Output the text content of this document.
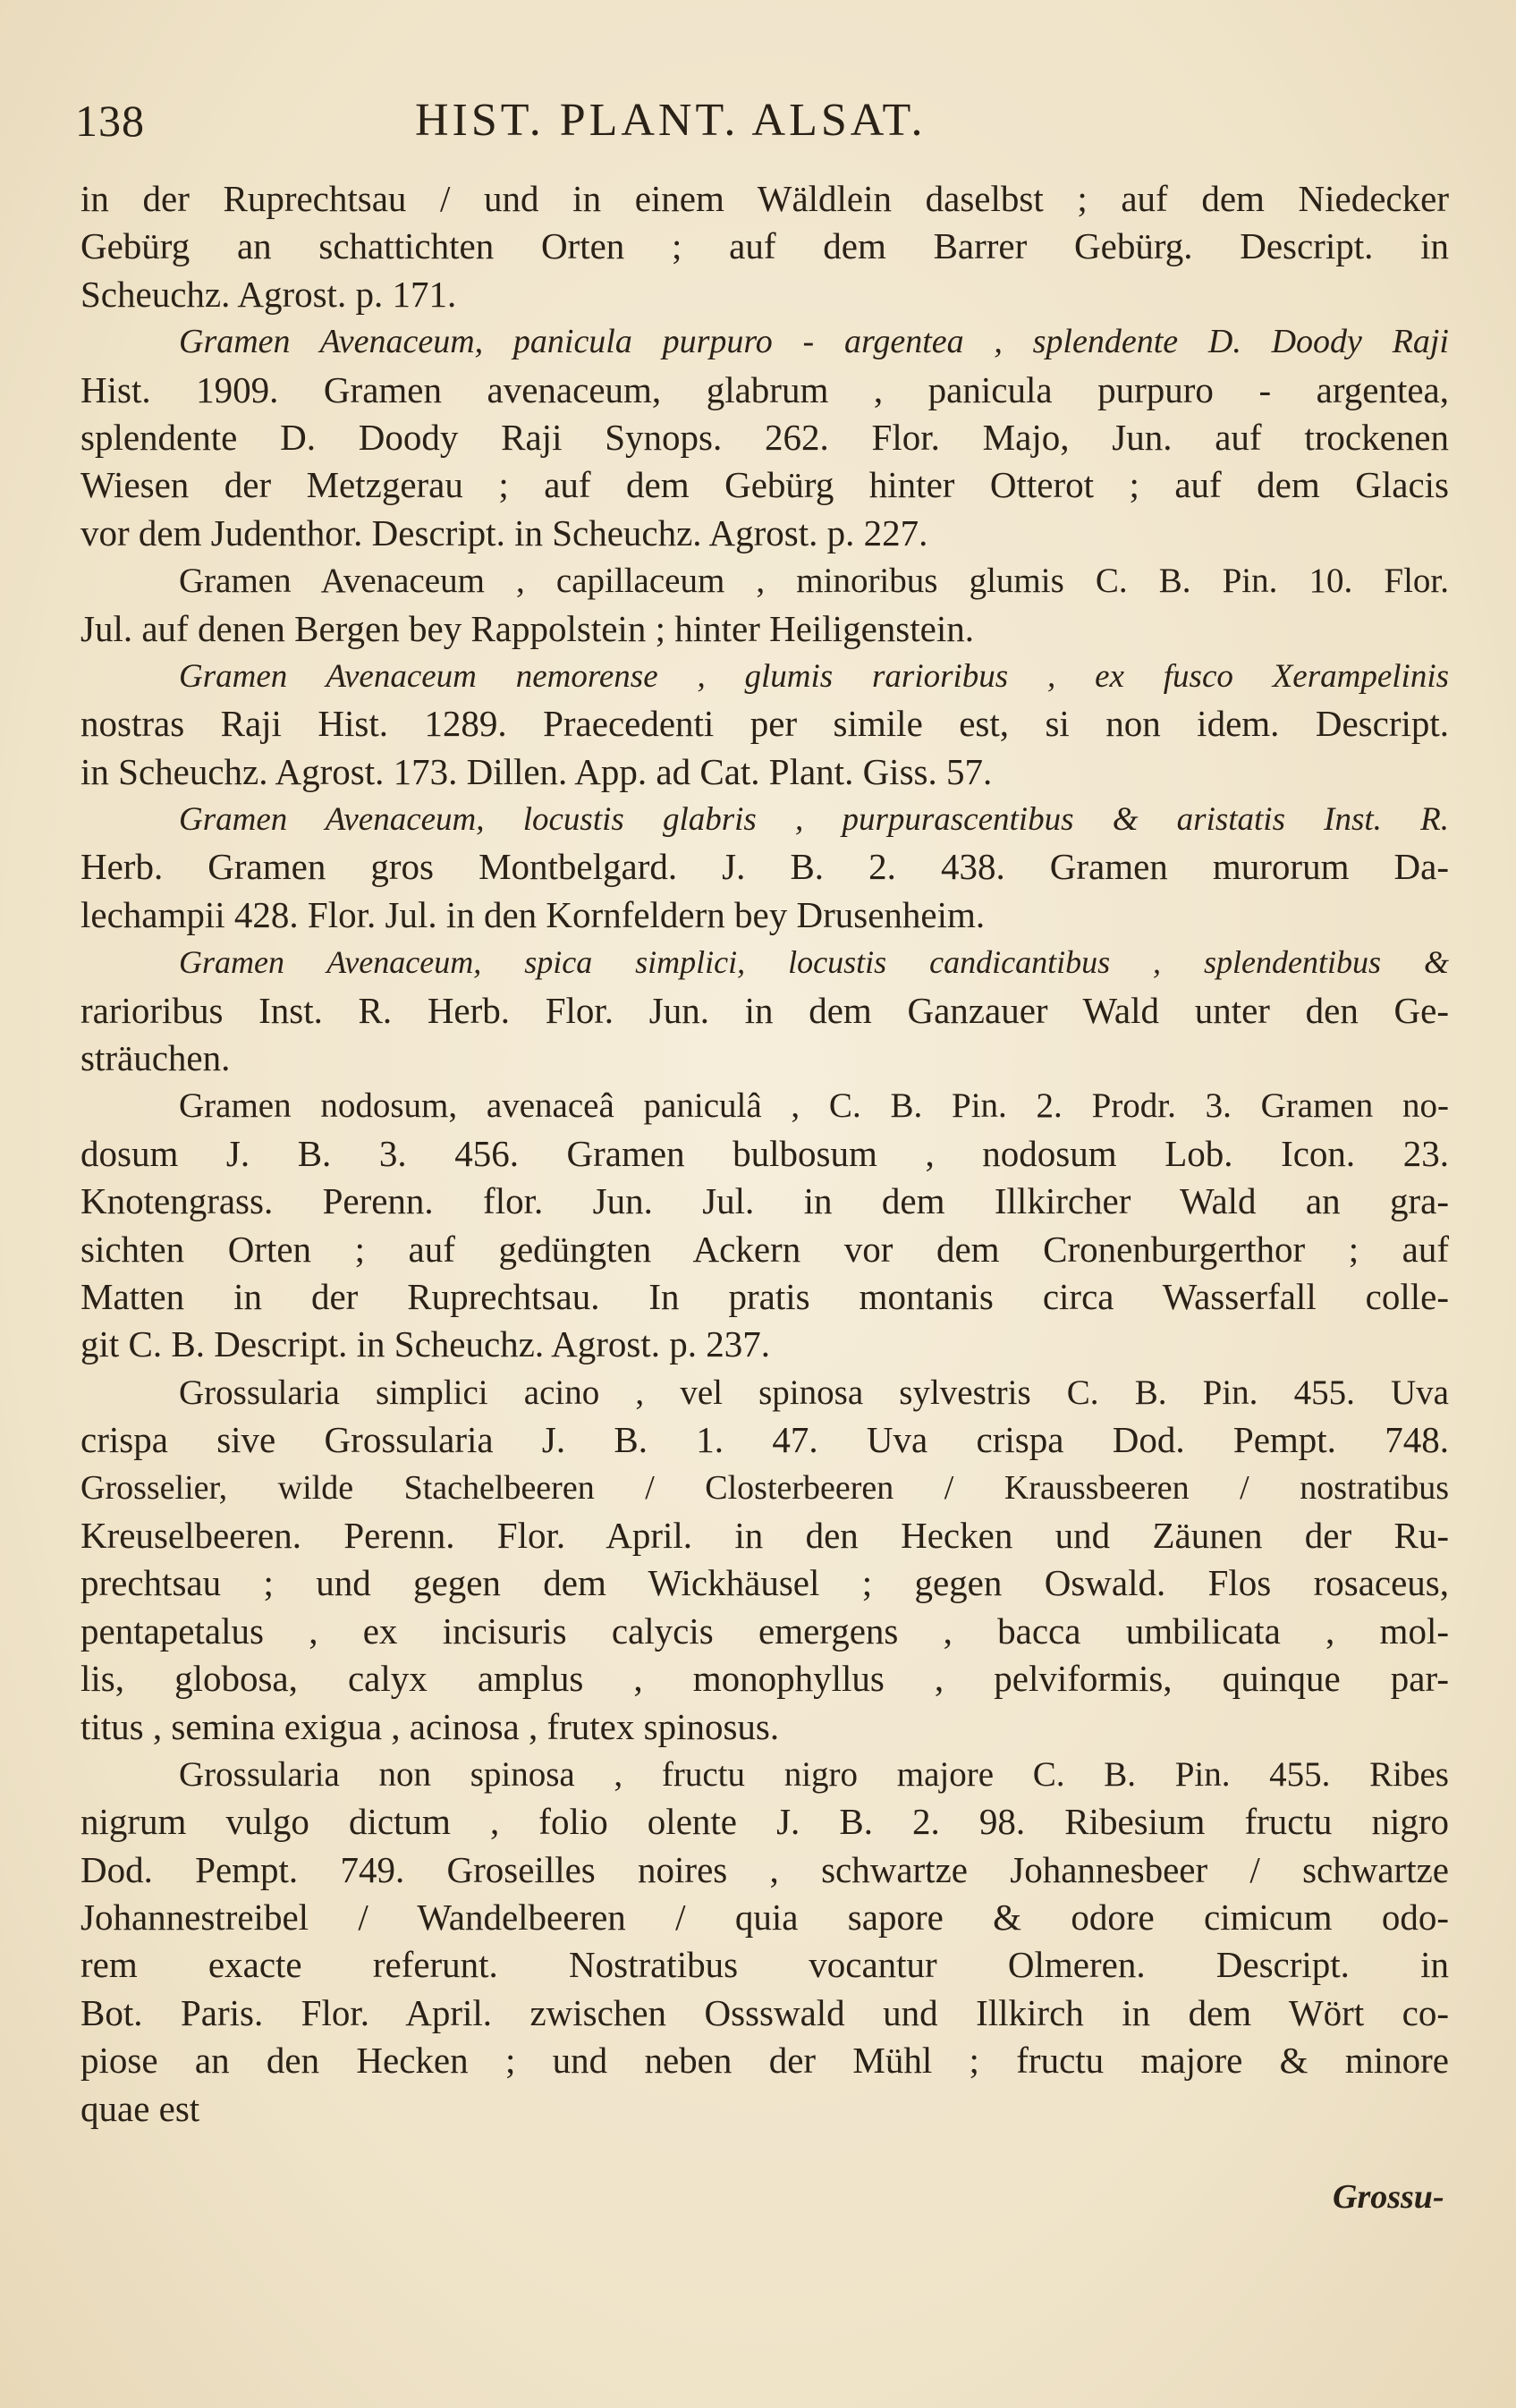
138	HIST. PLANT. ALSAT.
in der Ruprechtsau / und in einem Wäldlein daselbst ; auf dem Niedecker
Gebürg an schattichten Orten ; auf dem Barrer Gebürg. Descript. in
Scheuchz. Agrost. p. 171.
Gramen Avenaceum, panicula purpuro - argentea , splendente D. Doody Raji
Hist. 1909. Gramen avenaceum, glabrum , panicula purpuro - argentea,
splendente D. Doody Raji Synops. 262. Flor. Majo, Jun. auf trockenen
Wiesen der Metzgerau ; auf dem Gebürg hinter Otterot ; auf dem Glacis
vor dem Judenthor. Descript. in Scheuchz. Agrost. p. 227.
Gramen Avenaceum , capillaceum , minoribus glumis C. B. Pin. 10. Flor.
Jul. auf denen Bergen bey Rappolstein ; hinter Heiligenstein.
Gramen Avenaceum nemorense , glumis rarioribus , ex fusco Xerampelinis
nostras Raji Hist. 1289. Praecedenti per simile est, si non idem. Descript.
in Scheuchz. Agrost. 173. Dillen. App. ad Cat. Plant. Giss. 57.
Gramen Avenaceum, locustis glabris , purpurascentibus & aristatis Inst. R.
Herb. Gramen gros Montbelgard. J. B. 2. 438. Gramen murorum Da-
lechampii 428. Flor. Jul. in den Kornfeldern bey Drusenheim.
Gramen Avenaceum, spica simplici, locustis candicantibus , splendentibus &
rarioribus Inst. R. Herb. Flor. Jun. in dem Ganzauer Wald unter den Ge-
sträuchen.
Gramen nodosum, avenaceâ paniculâ , C. B. Pin. 2. Prodr. 3. Gramen no-
dosum J. B. 3. 456. Gramen bulbosum , nodosum Lob. Icon. 23.
Knotengrass. Perenn. flor. Jun. Jul. in dem Illkircher Wald an gra-
sichten Orten ; auf gedüngten Ackern vor dem Cronenburgerthor ; auf
Matten in der Ruprechtsau. In pratis montanis circa Wasserfall colle-
git C. B. Descript. in Scheuchz. Agrost. p. 237.
Grossularia simplici acino , vel spinosa sylvestris C. B. Pin. 455. Uva
crispa sive Grossularia J. B. 1. 47. Uva crispa Dod. Pempt. 748.
Grosselier, wilde Stachelbeeren / Closterbeeren / Kraussbeeren / nostratibus
Kreuselbeeren. Perenn. Flor. April. in den Hecken und Zäunen der Ru-
prechtsau ; und gegen dem Wickhäusel ; gegen Oswald. Flos rosaceus,
pentapetalus , ex incisuris calycis emergens , bacca umbilicata , mol-
lis, globosa, calyx amplus , monophyllus , pelviformis, quinque par-
titus , semina exigua , acinosa , frutex spinosus.
Grossularia non spinosa , fructu nigro majore C. B. Pin. 455. Ribes
nigrum vulgo dictum , folio olente J. B. 2. 98. Ribesium fructu nigro
Dod. Pempt. 749. Groseilles noires , schwartze Johannesbeer / schwartze
Johannestreibel / Wandelbeeren / quia sapore & odore cimicum odo-
rem exacte referunt. Nostratibus vocantur Olmeren. Descript. in
Bot. Paris. Flor. April. zwischen Ossswald und Illkirch in dem Wört co-
piose an den Hecken ; und neben der Mühl ; fructu majore & minore
quae est
Grossu-
